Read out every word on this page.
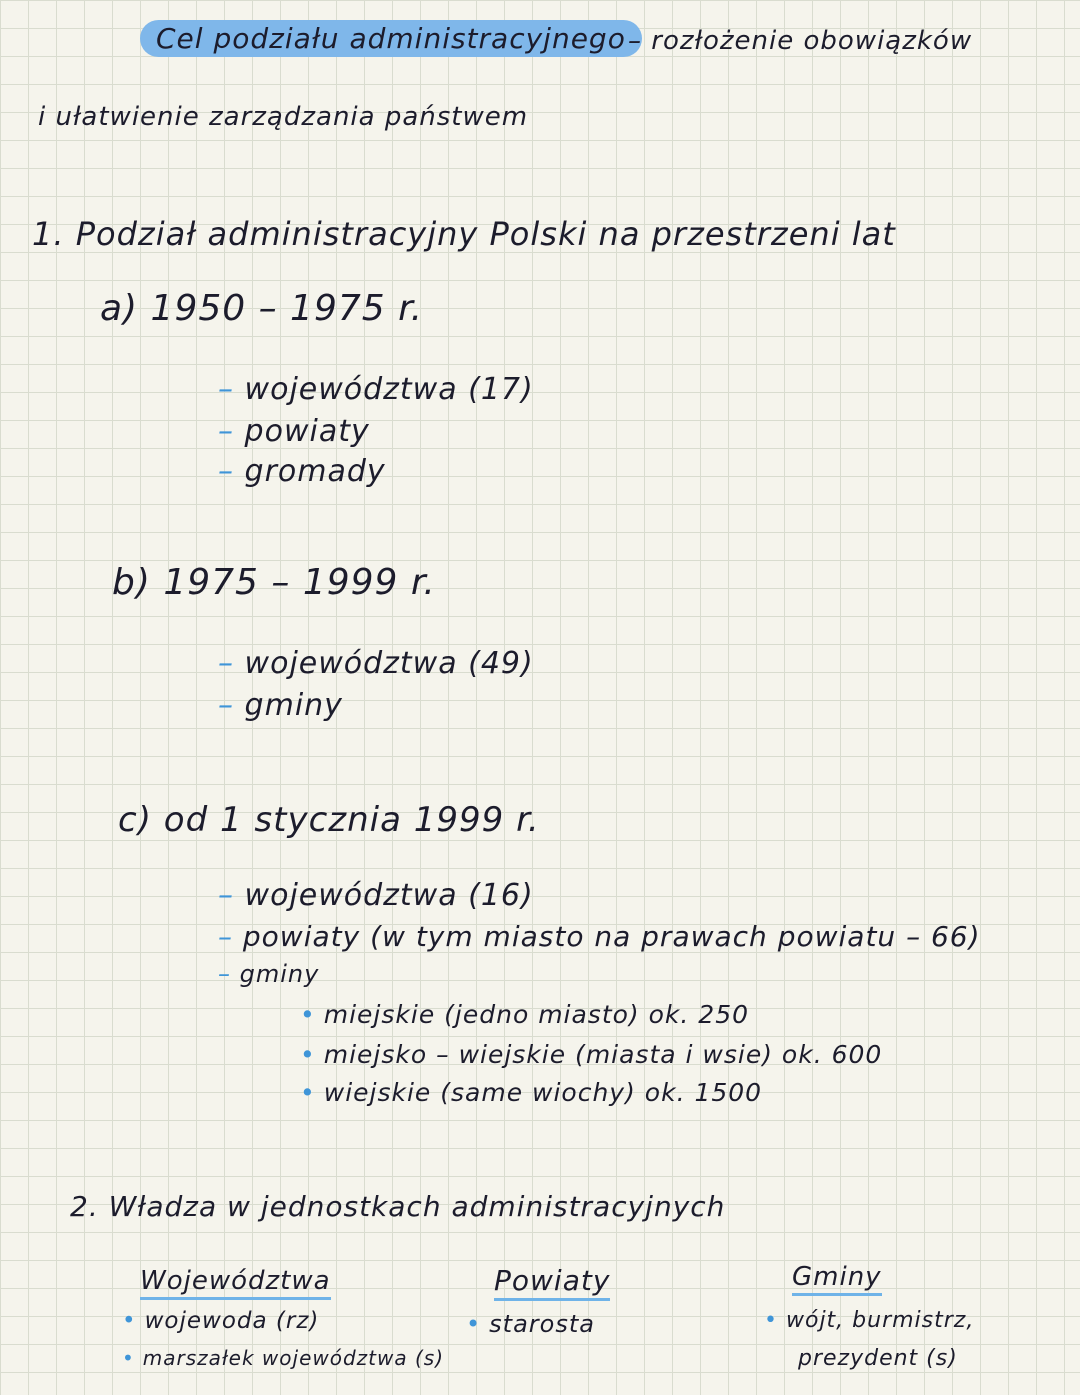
Cel podziału administracyjnego – rozłożenie obowiązków
i ułatwienie zarządzania państwem
1. Podział administracyjny Polski na przestrzeni lat
a) 1950 – 1975 r.
– województwa (17)
– powiaty
– gromady
b) 1975 – 1999 r.
– województwa (49)
– gminy
c) od 1 stycznia 1999 r.
– województwa (16)
– powiaty (w tym miasto na prawach powiatu – 66)
– gminy
• miejskie (jedno miasto) ok. 250
• miejsko – wiejskie (miasta i wsie) ok. 600
• wiejskie (same wiochy) ok. 1500
2. Władza w jednostkach administracyjnych
Województwa
• wojewoda (rz)
• marszałek województwa (s)
Powiaty
• starosta
Gminy
• wójt, burmistrz,
prezydent (s)
